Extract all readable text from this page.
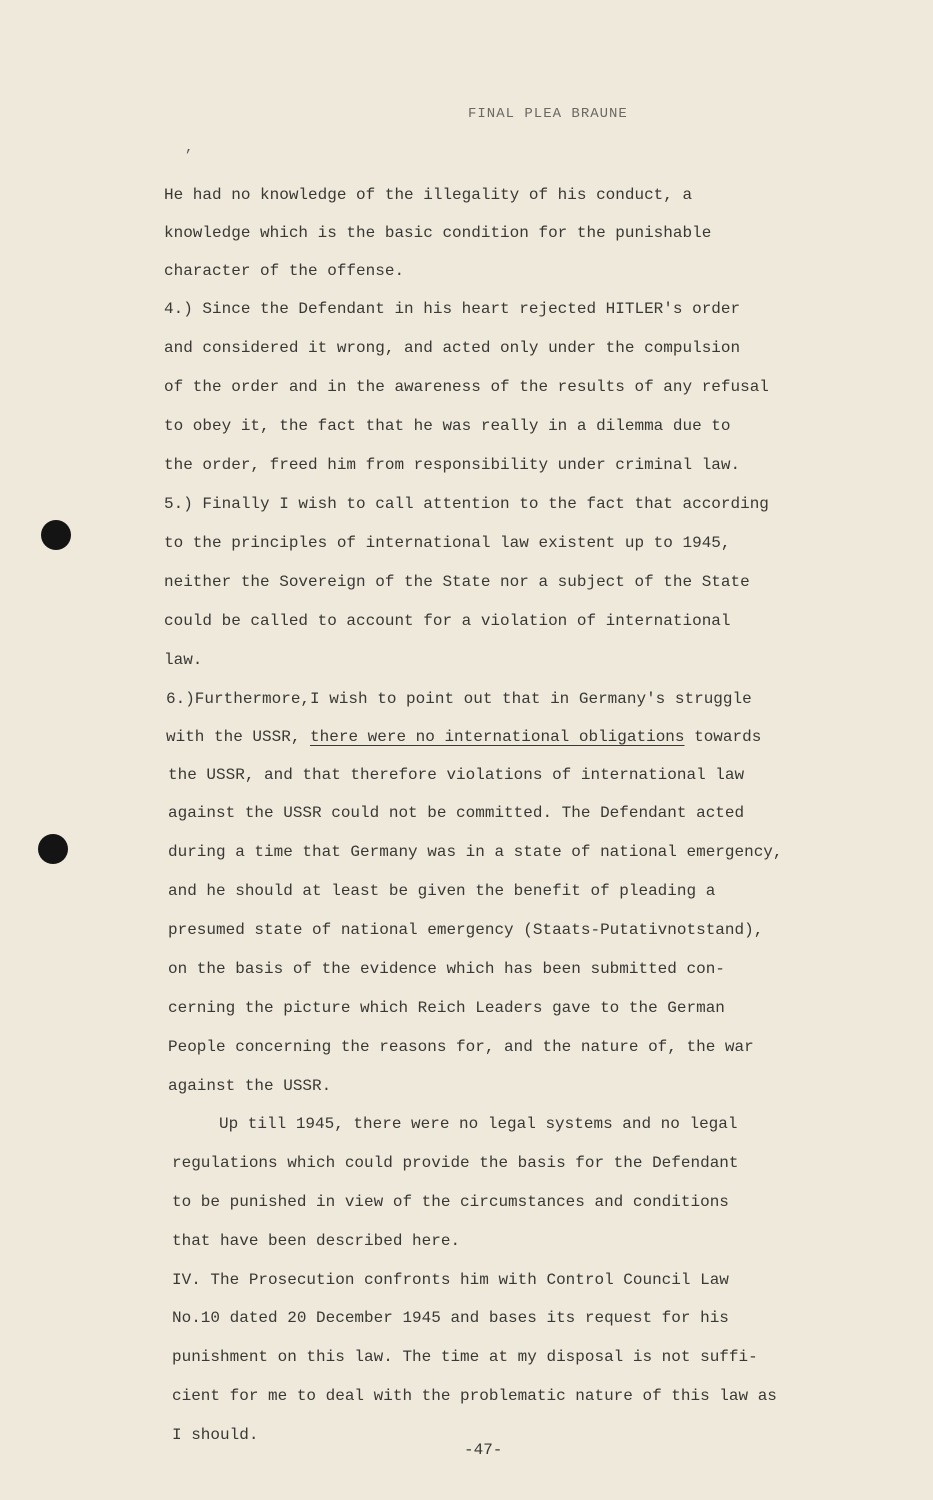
FINAL PLEA BRAUNE
,
He had no knowledge of the illegality of his conduct, a
knowledge which is the basic condition for the punishable
character of the offense.
4.) Since the Defendant in his heart rejected HITLER's order
and considered it wrong, and acted only under the compulsion
of the order and in the awareness of the results of any refusal
to obey it, the fact that he was really in a dilemma due to
the order, freed him from responsibility under criminal law.
5.) Finally I wish to call attention to the fact that according
to the principles of international law existent up to 1945,
neither the Sovereign of the State nor a subject of the State
could be called to account for a violation of international
law.
6.)Furthermore,I wish to point out that in Germany's struggle
with the USSR, there were no international obligations towards
the USSR, and that therefore violations of international law
against the USSR could not be committed. The Defendant acted
during a time that Germany was in a state of national emergency,
and he should at least be given the benefit of pleading a
presumed state of national emergency (Staats-Putativnotstand),
on the basis of the evidence which has been submitted con-
cerning the picture which Reich Leaders gave to the German
People concerning the reasons for, and the nature of, the war
against the USSR.
Up till 1945, there were no legal systems and no legal
regulations which could provide the basis for the Defendant
to be punished in view of the circumstances and conditions
that have been described here.
IV. The Prosecution confronts him with Control Council Law
No.10 dated 20 December 1945 and bases its request for his
punishment on this law. The time at my disposal is not suffi-
cient for me to deal with the problematic nature of this law as
I should.
-47-
